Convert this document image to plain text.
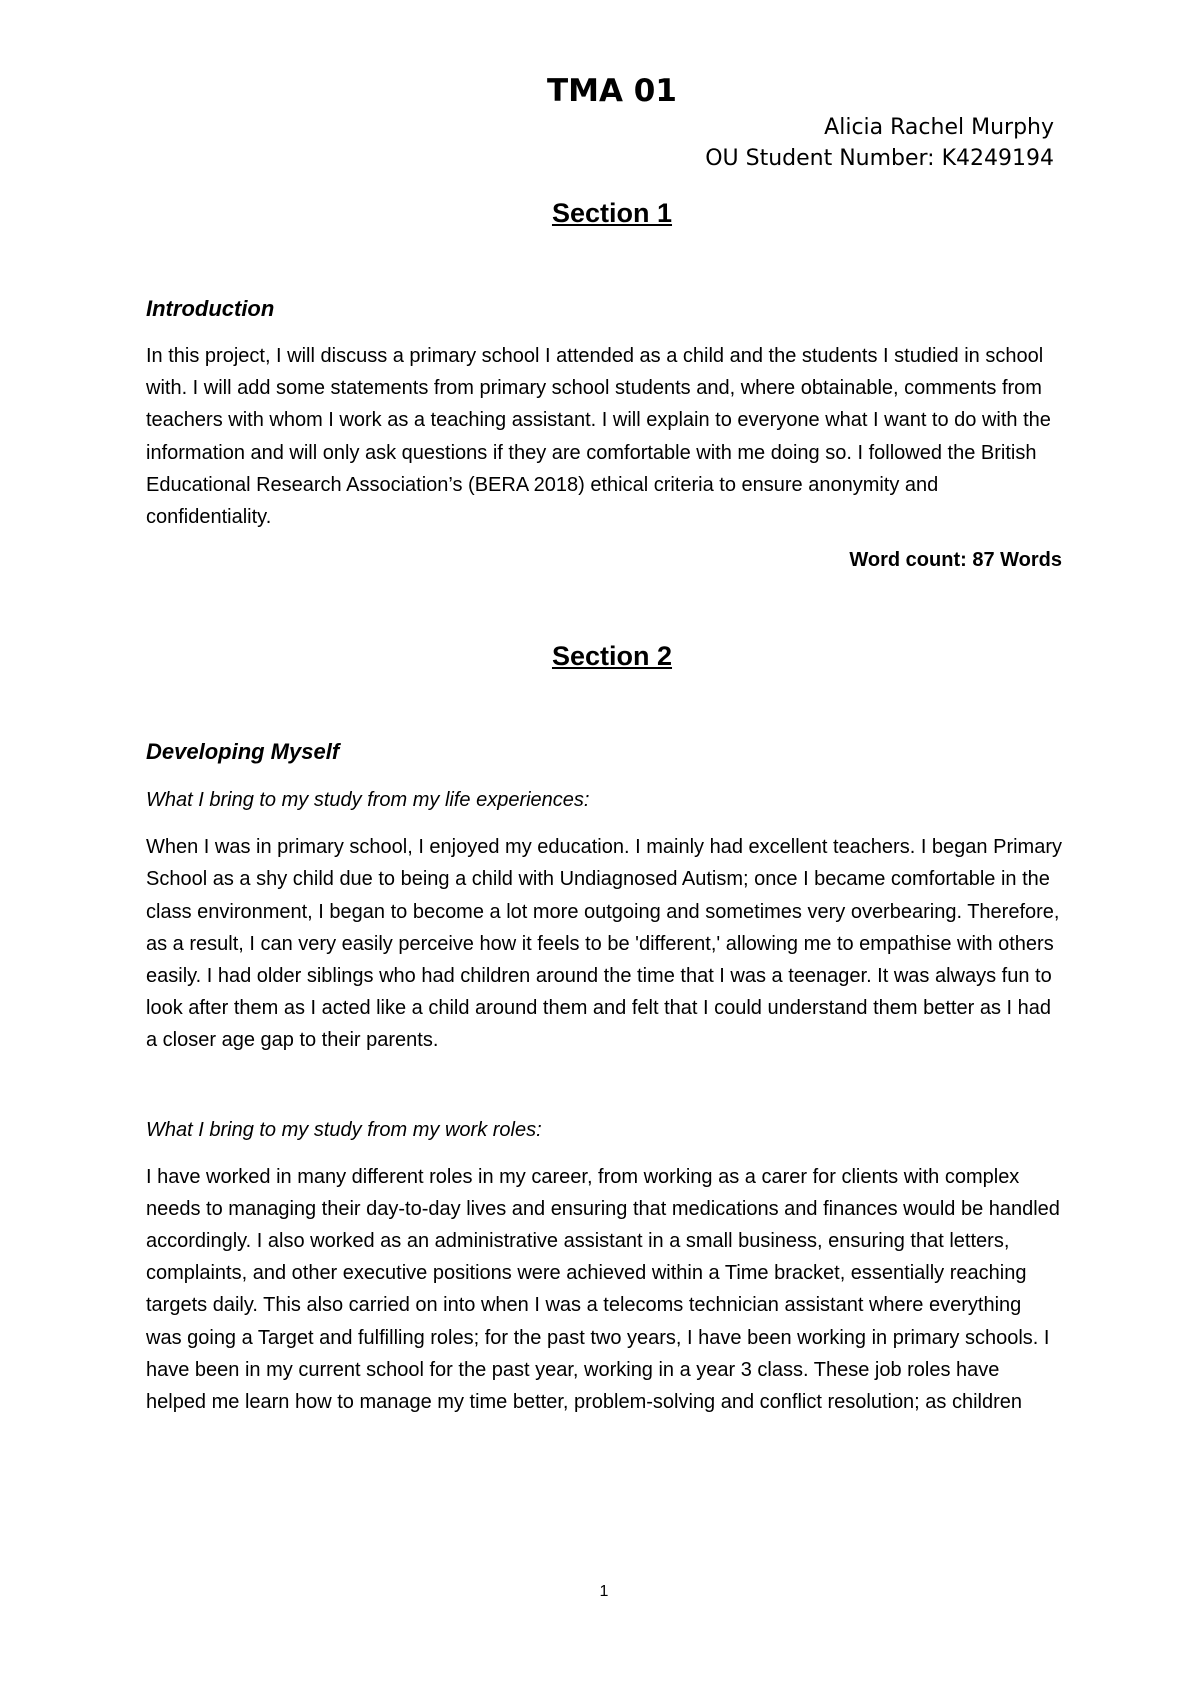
TMA 01

Alicia Rachel Murphy

OU Student Number: K4249194

Section 1
Introduction

In this project, I will discuss a primary school I attended as a child and the students I studied in school with. I will add some statements from primary school students and, where obtainable, comments from teachers with whom I work as a teaching assistant. I will explain to everyone what I want to do with the information and will only ask questions if they are comfortable with me doing so. I followed the British Educational Research Association’s (BERA 2018) ethical criteria to ensure anonymity and confidentiality.

Word count: 87 Words

Section 2
Developing Myself

What I bring to my study from my life experiences:

When I was in primary school, I enjoyed my education. I mainly had excellent teachers. I began Primary School as a shy child due to being a child with Undiagnosed Autism; once I became comfortable in the class environment, I began to become a lot more outgoing and sometimes very overbearing. Therefore, as a result, I can very easily perceive how it feels to be 'different,' allowing me to empathise with others easily. I had older siblings who had children around the time that I was a teenager. It was always fun to look after them as I acted like a child around them and felt that I could understand them better as I had a closer age gap to their parents.

What I bring to my study from my work roles:

I have worked in many different roles in my career, from working as a carer for clients with complex needs to managing their day-to-day lives and ensuring that medications and finances would be handled accordingly. I also worked as an administrative assistant in a small business, ensuring that letters, complaints, and other executive positions were achieved within a Time bracket, essentially reaching targets daily. This also carried on into when I was a telecoms technician assistant where everything was going a Target and fulfilling roles; for the past two years, I have been working in primary schools. I have been in my current school for the past year, working in a year 3 class. These job roles have helped me learn how to manage my time better, problem-solving and conflict resolution; as children

1
